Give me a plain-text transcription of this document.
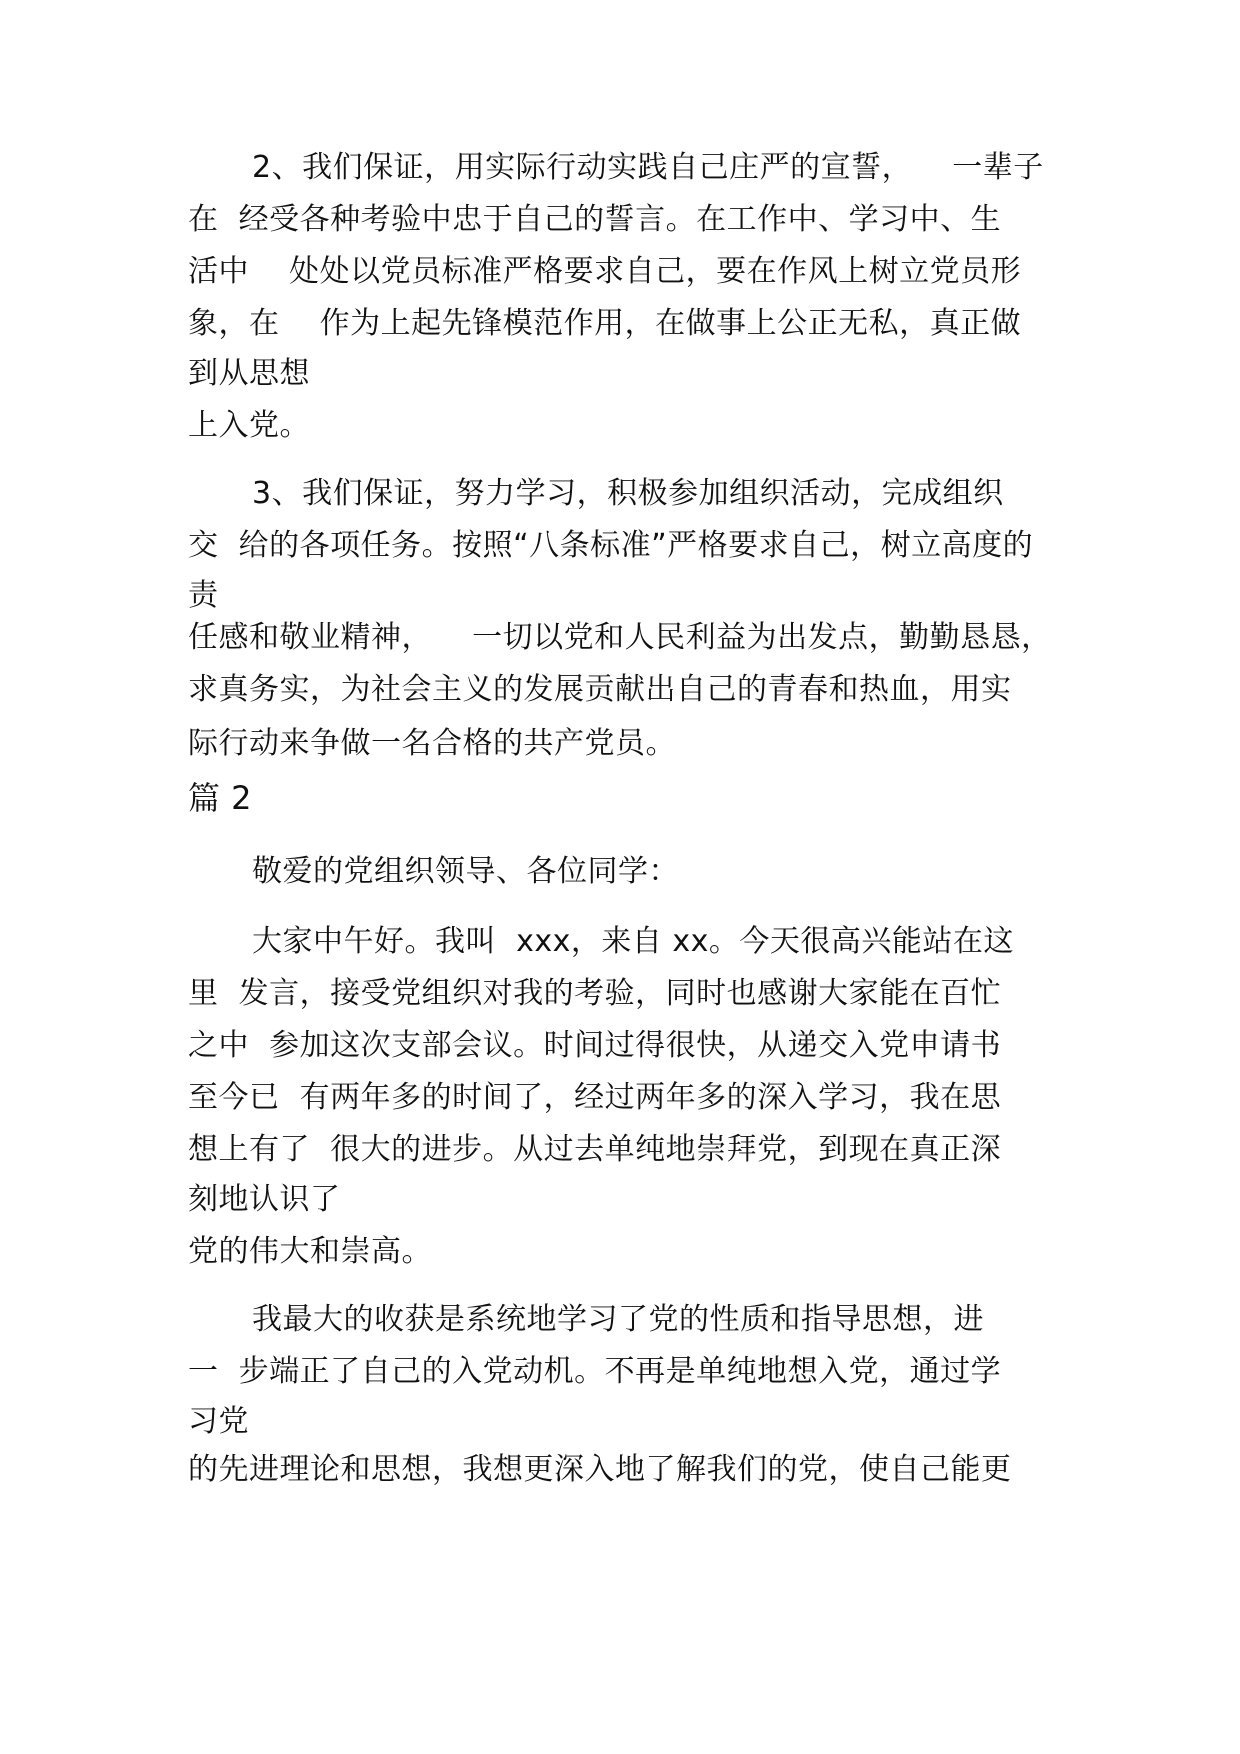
2、我们保证，用实际行动实践自己庄严的宣誓，    一辈子
在  经受各种考验中忠于自己的誓言。在工作中、学习中、生
活中    处处以党员标准严格要求自己，要在作风上树立党员形
象，在    作为上起先锋模范作用，在做事上公正无私，真正做
到从思想
上入党。
3、我们保证，努力学习，积极参加组织活动，完成组织
交  给的各项任务。按照“八条标准”严格要求自己，树立高度的
责
任感和敬业精神，    一切以党和人民利益为出发点，勤勤恳恳，
求真务实，为社会主义的发展贡献出自己的青春和热血，用实
际行动来争做一名合格的共产党员。
篇 2
敬爱的党组织领导、各位同学：
大家中午好。我叫  xxx，来自 xx。今天很高兴能站在这
里  发言，接受党组织对我的考验，同时也感谢大家能在百忙
之中  参加这次支部会议。时间过得很快，从递交入党申请书
至今已  有两年多的时间了，经过两年多的深入学习，我在思
想上有了  很大的进步。从过去单纯地崇拜党，到现在真正深
刻地认识了
党的伟大和崇高。
我最大的收获是系统地学习了党的性质和指导思想，进
一  步端正了自己的入党动机。不再是单纯地想入党，通过学
习党
的先进理论和思想，我想更深入地了解我们的党，使自己能更
